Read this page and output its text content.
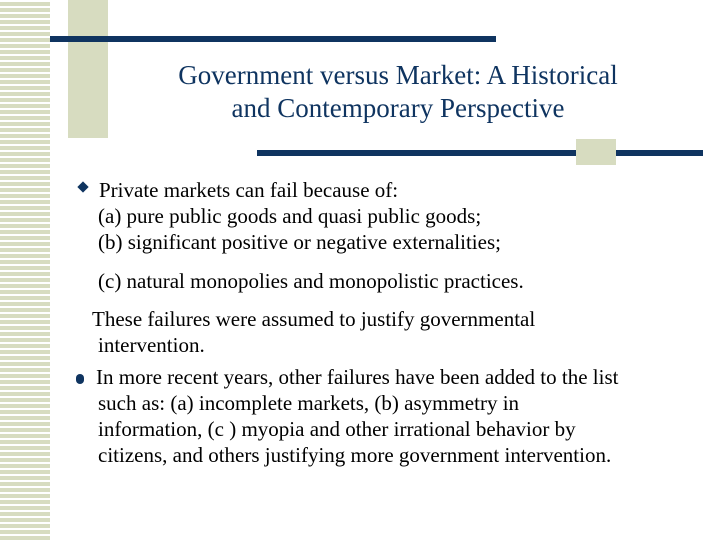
Government versus Market: A Historical
and Contemporary Perspective
Private markets can fail because of:
(a) pure public goods and quasi public goods;
(b) significant positive or negative externalities;
(c) natural monopolies and monopolistic practices.
These failures were assumed to justify governmental
intervention.
In more recent years, other failures have been added to the list
such as: (a) incomplete markets, (b) asymmetry in
information, (c ) myopia and other irrational behavior by
citizens, and others justifying more government intervention.
